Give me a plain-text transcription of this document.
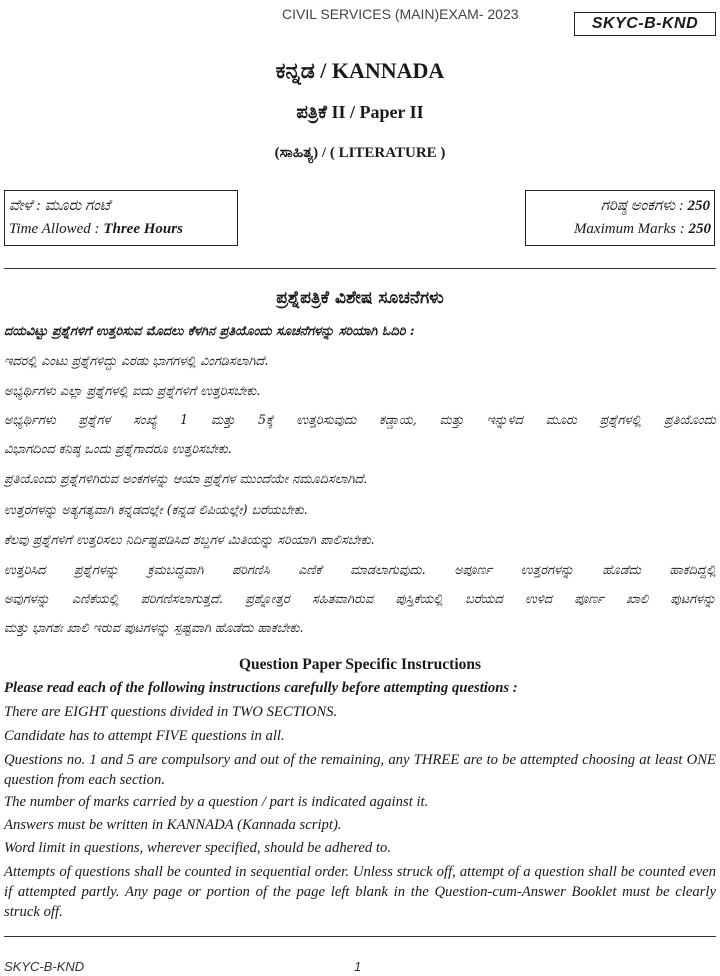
CIVIL SERVICES (MAIN)EXAM- 2023
SKYC-B-KND
ಕನ್ನಡ / KANNADA
ಪತ್ರಿಕೆ II / Paper II
(ಸಾಹಿತ್ಯ) / ( LITERATURE )
ವೇಳೆ : ಮೂರು ಗಂಟೆ
Time Allowed : Three Hours
ಗರಿಷ್ಠ ಅಂಕಗಳು : 250
Maximum Marks : 250
ಪ್ರಶ್ನೆಪತ್ರಿಕೆ ವಿಶೇಷ ಸೂಚನೆಗಳು
ದಯವಿಟ್ಟು ಪ್ರಶ್ನೆಗಳಿಗೆ ಉತ್ತರಿಸುವ ಮೊದಲು ಕೆಳಗಿನ ಪ್ರತಿಯೊಂದು ಸೂಚನೆಗಳನ್ನು ಸರಿಯಾಗಿ ಓದಿರಿ :
ಇದರಲ್ಲಿ ಎಂಟು ಪ್ರಶ್ನೆಗಳಿದ್ದು ಎರಡು ಭಾಗಗಳಲ್ಲಿ ವಿಂಗಡಿಸಲಾಗಿದೆ.
ಅಭ್ಯರ್ಥಿಗಳು ಎಲ್ಲಾ ಪ್ರಶ್ನೆಗಳಲ್ಲಿ ಐದು ಪ್ರಶ್ನೆಗಳಿಗೆ ಉತ್ತರಿಸಬೇಕು.
ಅಭ್ಯರ್ಥಿಗಳು ಪ್ರಶ್ನೆಗಳ ಸಂಖ್ಯೆ 1 ಮತ್ತು 5ಕ್ಕೆ ಉತ್ತರಿಸುವುದು ಕಡ್ಡಾಯ, ಮತ್ತು ಇನ್ನುಳಿದ ಮೂರು ಪ್ರಶ್ನೆಗಳಲ್ಲಿ ಪ್ರತಿಯೊಂದು
ವಿಭಾಗದಿಂದ ಕನಿಷ್ಠ ಒಂದು ಪ್ರಶ್ನೆಗಾದರೂ ಉತ್ತರಿಸಬೇಕು.
ಪ್ರತಿಯೊಂದು ಪ್ರಶ್ನೆಗಳಿಗಿರುವ ಅಂಕಗಳನ್ನು ಆಯಾ ಪ್ರಶ್ನೆಗಳ ಮುಂದೆಯೇ ನಮೂದಿಸಲಾಗಿದೆ.
ಉತ್ತರಗಳನ್ನು ಅತ್ಯಗತ್ಯವಾಗಿ ಕನ್ನಡದಲ್ಲೇ (ಕನ್ನಡ ಲಿಪಿಯಲ್ಲೇ) ಬರೆಯಬೇಕು.
ಕೆಲವು ಪ್ರಶ್ನೆಗಳಿಗೆ ಉತ್ತರಿಸಲು ನಿರ್ದಿಷ್ಟಪಡಿಸಿದ ಶಬ್ದಗಳ ಮಿತಿಯನ್ನು ಸರಿಯಾಗಿ ಪಾಲಿಸಬೇಕು.
ಉತ್ತರಿಸಿದ ಪ್ರಶ್ನೆಗಳನ್ನು ಕ್ರಮಬದ್ಧವಾಗಿ ಪರಿಗಣಿಸಿ ಎಣಿಕೆ ಮಾಡಲಾಗುವುದು. ಅಪೂರ್ಣ ಉತ್ತರಗಳನ್ನು ಹೊಡೆದು ಹಾಕದಿದ್ದಲ್ಲಿ
ಅವುಗಳನ್ನು ಎಣಿಕೆಯಲ್ಲಿ ಪರಿಗಣಿಸಲಾಗುತ್ತದೆ. ಪ್ರಶ್ನೋತ್ತರ ಸಹಿತವಾಗಿರುವ ಪುಸ್ತಿಕೆಯಲ್ಲಿ ಬರೆಯದ ಉಳಿದ ಪೂರ್ಣ ಖಾಲಿ ಪುಟಗಳನ್ನು
ಮತ್ತು ಭಾಗಶಃ ಖಾಲಿ ಇರುವ ಪುಟಗಳನ್ನು ಸ್ಪಷ್ಟವಾಗಿ ಹೊಡೆದು ಹಾಕಬೇಕು.
Question Paper Specific Instructions
Please read each of the following instructions carefully before attempting questions :
There are EIGHT questions divided in TWO SECTIONS.
Candidate has to attempt FIVE questions in all.
Questions no. 1 and 5 are compulsory and out of the remaining, any THREE are to be attempted choosing at least ONE question from each section.
The number of marks carried by a question / part is indicated against it.
Answers must be written in KANNADA (Kannada script).
Word limit in questions, wherever specified, should be adhered to.
Attempts of questions shall be counted in sequential order. Unless struck off, attempt of a question shall be counted even if attempted partly. Any page or portion of the page left blank in the Question-cum-Answer Booklet must be clearly struck off.
SKYC-B-KND	1
